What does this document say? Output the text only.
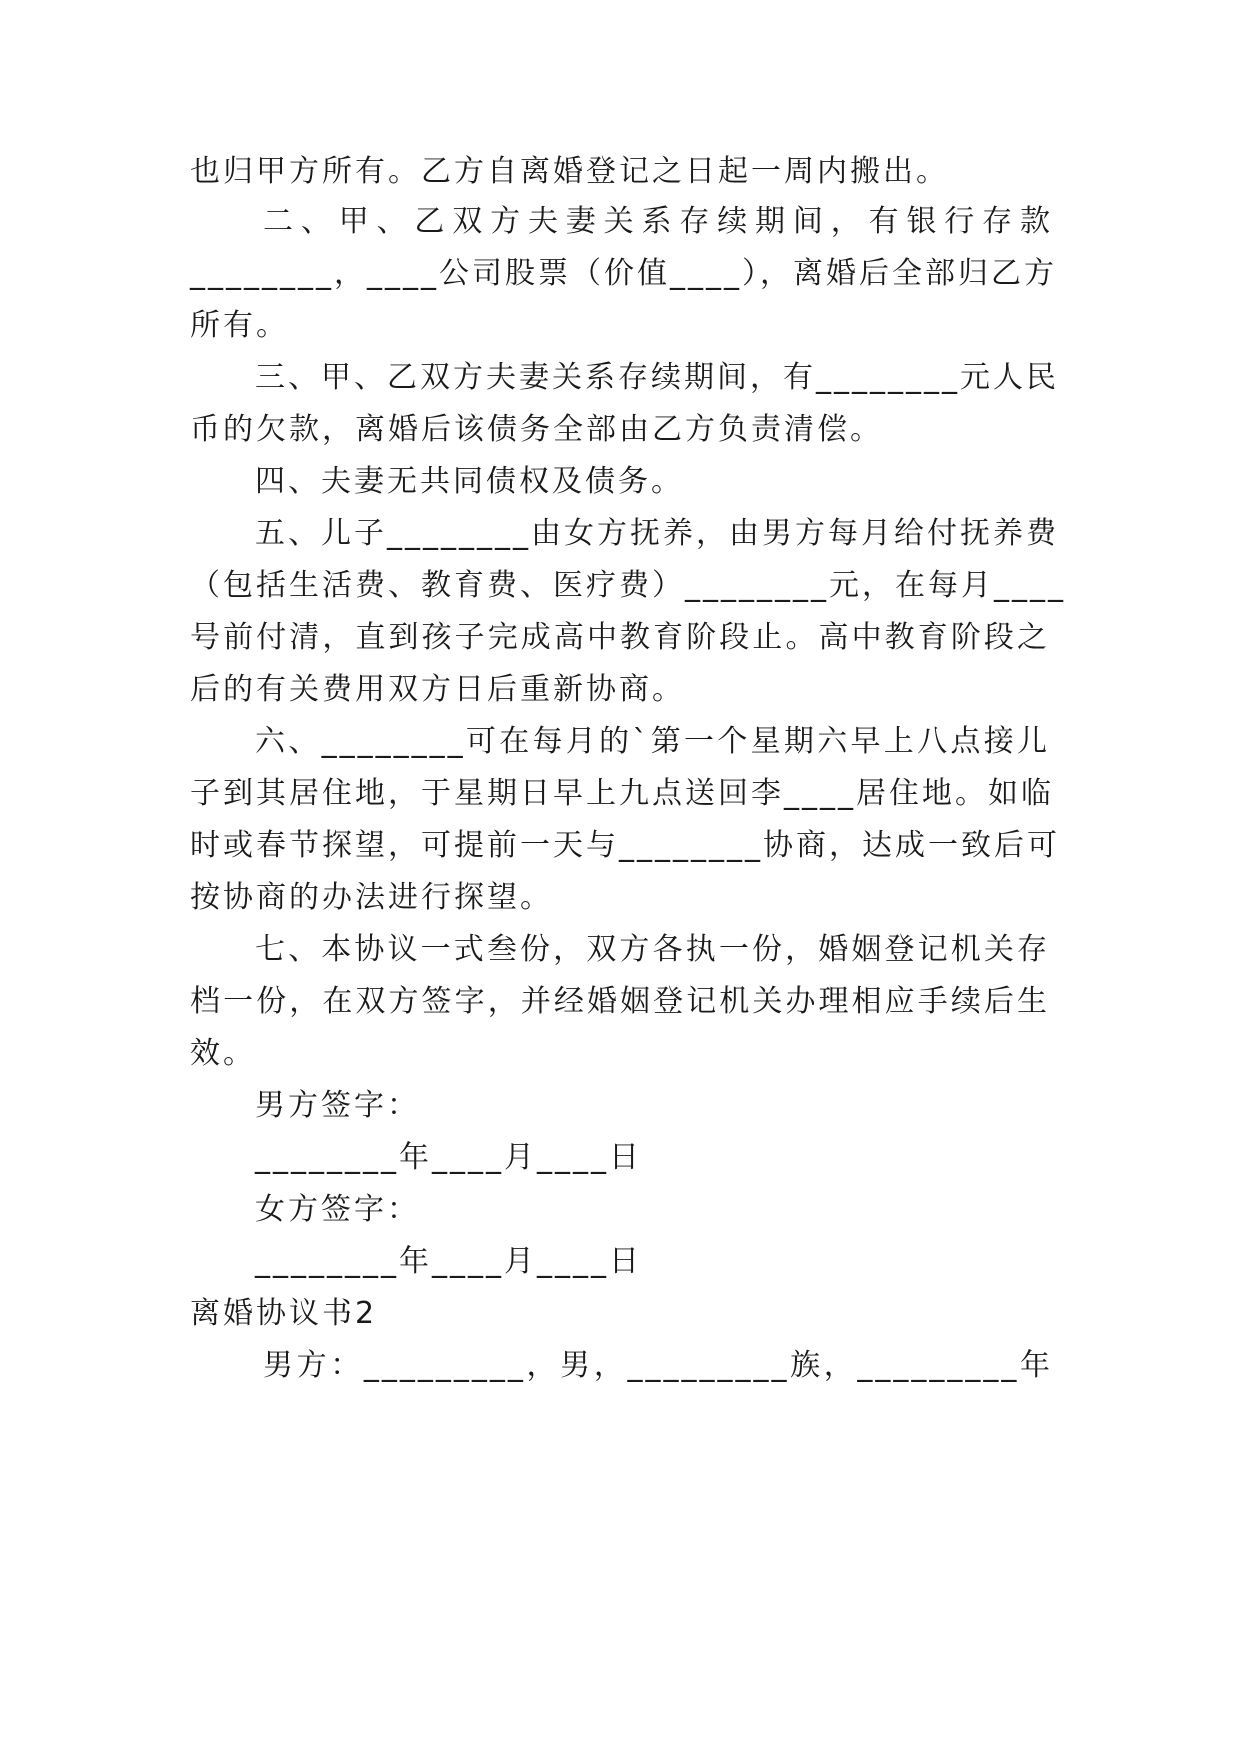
也归甲方所有。乙方自离婚登记之日起一周内搬出。
二、甲、乙双方夫妻关系存续期间，有银行存款
________，____公司股票（价值____），离婚后全部归乙方
所有。
三、甲、乙双方夫妻关系存续期间，有________元人民
币的欠款，离婚后该债务全部由乙方负责清偿。
四、夫妻无共同债权及债务。
五、儿子________由女方抚养，由男方每月给付抚养费
（包括生活费、教育费、医疗费）________元，在每月____
号前付清，直到孩子完成高中教育阶段止。高中教育阶段之
后的有关费用双方日后重新协商。
六、________可在每月的`第一个星期六早上八点接儿
子到其居住地，于星期日早上九点送回李____居住地。如临
时或春节探望，可提前一天与________协商，达成一致后可
按协商的办法进行探望。
七、本协议一式叁份，双方各执一份，婚姻登记机关存
档一份，在双方签字，并经婚姻登记机关办理相应手续后生
效。
男方签字：
________年____月____日
女方签字：
________年____月____日
离婚协议书2
男方：_________，男，_________族，_________年
